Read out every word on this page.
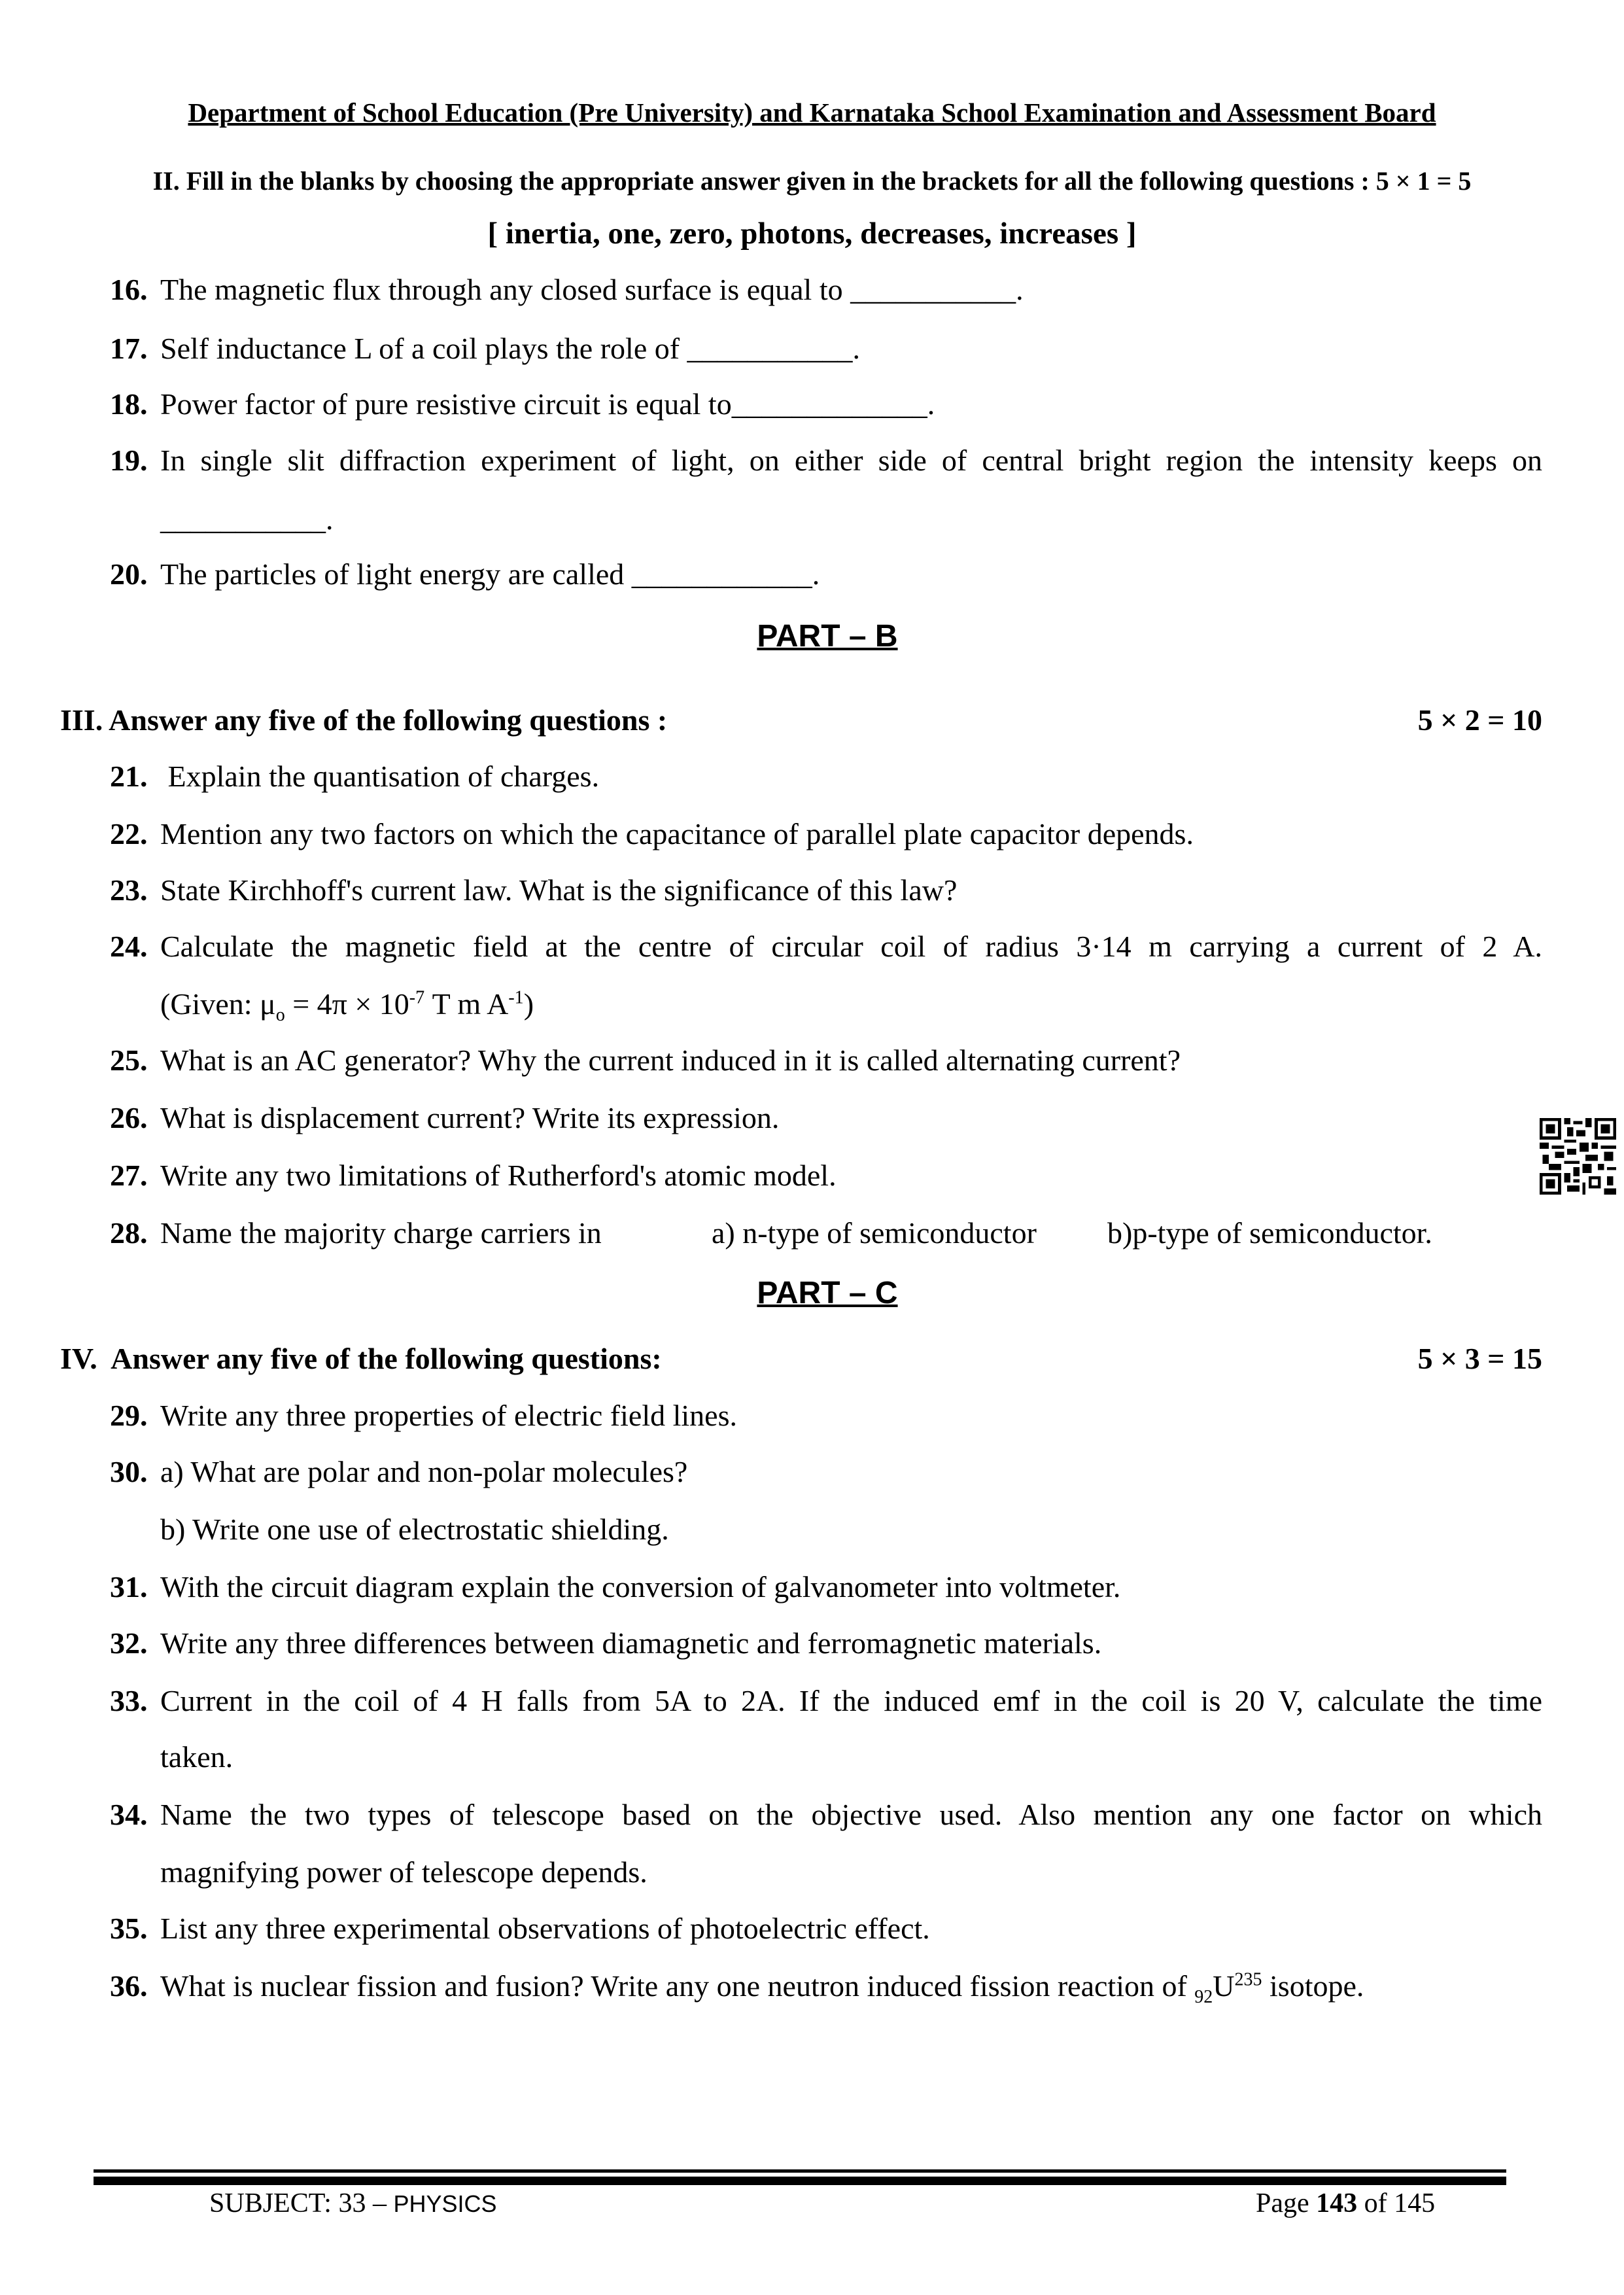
Department of School Education (Pre University) and Karnataka School Examination and Assessment Board
II. Fill in the blanks by choosing the appropriate answer given in the brackets for all the following questions : 5 × 1 = 5
[ inertia, one, zero, photons, decreases, increases ]
16. The magnetic flux through any closed surface is equal to ___________.
17. Self inductance L of a coil plays the role of ___________.
18. Power factor of pure resistive circuit is equal to_____________.
19. In single slit diffraction experiment of light, on either side of central bright region the intensity keeps on
___________.
20. The particles of light energy are called ____________.
PART – B
III. Answer any five of the following questions :	5 × 2 = 10
21. Explain the quantisation of charges.
22. Mention any two factors on which the capacitance of parallel plate capacitor depends.
23. State Kirchhoff's current law. What is the significance of this law?
24. Calculate the magnetic field at the centre of circular coil of radius 3·14 m carrying a current of 2 A.
(Given: $\mu_o = 4\pi \times 10^{-7}$ T m $A^{-1}$)
25. What is an AC generator? Why the current induced in it is called alternating current?
26. What is displacement current? Write its expression.
27. Write any two limitations of Rutherford's atomic model.
28. Name the majority charge carriers in	a) n-type of semiconductor b)p-type of semiconductor.
PART – C
IV.  Answer any five of the following questions:	5 × 3 = 15
29. Write any three properties of electric field lines.
30. a) What are polar and non-polar molecules?
b) Write one use of electrostatic shielding.
31. With the circuit diagram explain the conversion of galvanometer into voltmeter.
32. Write any three differences between diamagnetic and ferromagnetic materials.
33. Current in the coil of 4 H falls from 5A to 2A. If the induced emf in the coil is 20 V, calculate the time
taken.
34. Name the two types of telescope based on the objective used. Also mention any one factor on which
magnifying power of telescope depends.
35. List any three experimental observations of photoelectric effect.
36. What is nuclear fission and fusion? Write any one neutron induced fission reaction of $_{92}U^{235}$ isotope.
SUBJECT: 33 – PHYSICS	Page 143 of 145
